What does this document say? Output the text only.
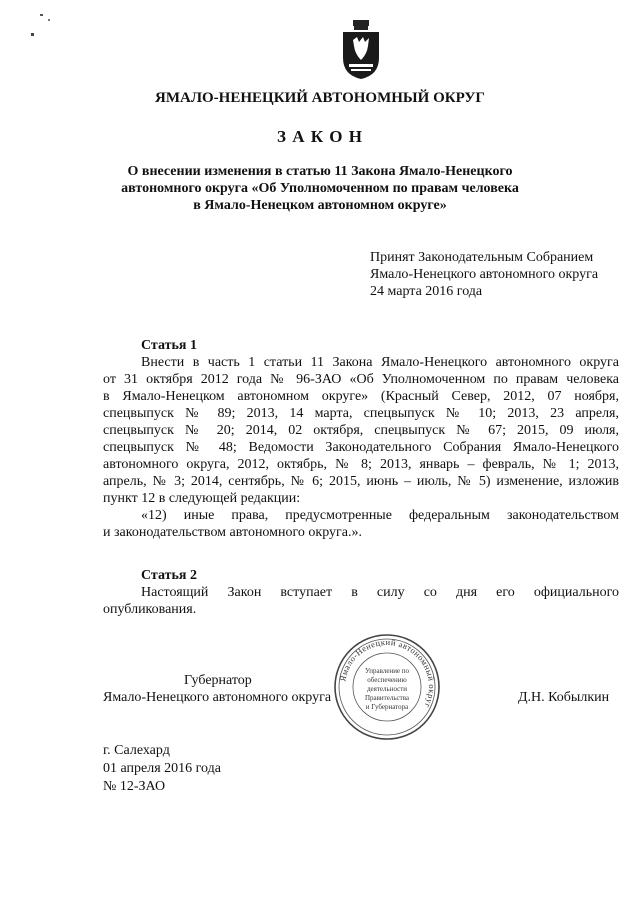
ЯМАЛО-НЕНЕЦКИЙ АВТОНОМНЫЙ ОКРУГ
З А К О Н
О внесении изменения в статью 11 Закона Ямало-Ненецкого
автономного округа «Об Уполномоченном по правам человека
в Ямало-Ненецком автономном округе»
Принят Законодательным Собранием
Ямало-Ненецкого автономного округа
24 марта 2016 года
Статья 1
Внести в часть 1 статьи 11 Закона Ямало-Ненецкого автономного округа
от 31 октября 2012 года № 96-ЗАО «Об Уполномоченном по правам человека
в Ямало-Ненецком автономном округе» (Красный Север, 2012, 07 ноября,
спецвыпуск № 89; 2013, 14 марта, спецвыпуск № 10; 2013, 23 апреля,
спецвыпуск № 20; 2014, 02 октября, спецвыпуск № 67; 2015, 09 июля,
спецвыпуск № 48; Ведомости Законодательного Собрания Ямало-Ненецкого
автономного округа, 2012, октябрь, № 8; 2013, январь – февраль, № 1; 2013,
апрель, № 3; 2014, сентябрь, № 6; 2015, июнь – июль, № 5) изменение, изложив
пункт 12 в следующей редакции:
«12) иные права, предусмотренные федеральным законодательством
и законодательством автономного округа.».
Статья 2
Настоящий Закон вступает в силу со дня его официального
опубликования.
Губернатор
Ямало-Ненецкого автономного округа	Д.Н. Кобылкин
Ямало-Ненецкий автономный округ
Управление по
обеспечению
деятельности
Правительства
и Губернатора
г. Салехард
01 апреля 2016 года
№ 12-ЗАО
